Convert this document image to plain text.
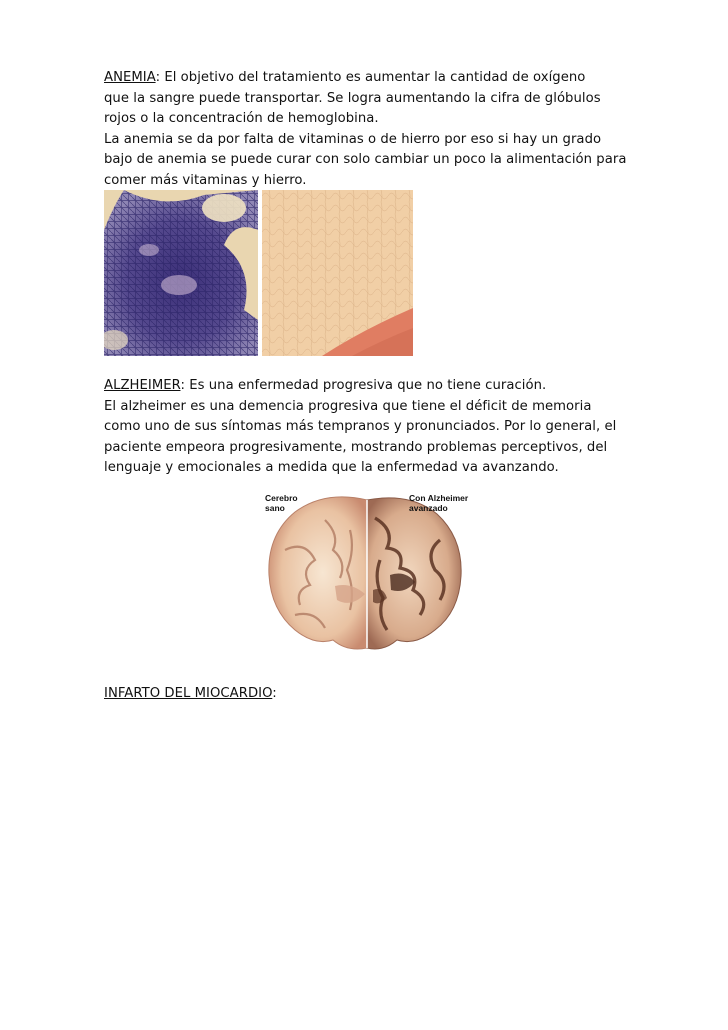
ANEMIA: El objetivo del tratamiento es aumentar la cantidad de oxígeno
que la sangre puede transportar. Se logra aumentando la cifra de glóbulos
rojos o la concentración de hemoglobina.
La anemia se da por falta de vitaminas o de hierro por eso si hay un grado
bajo de anemia se puede curar con solo cambiar un poco la alimentación para
comer más vitaminas y hierro.
ALZHEIMER: Es una enfermedad progresiva que no tiene curación.
El alzheimer es una demencia progresiva que tiene el déficit de memoria
como uno de sus síntomas más tempranos y pronunciados. Por lo general, el
paciente empeora progresivamente, mostrando problemas perceptivos, del
lenguaje y emocionales a medida que la enfermedad va avanzando.
Cerebro
sano
Con Alzheimer
avanzado
INFARTO DEL MIOCARDIO:
